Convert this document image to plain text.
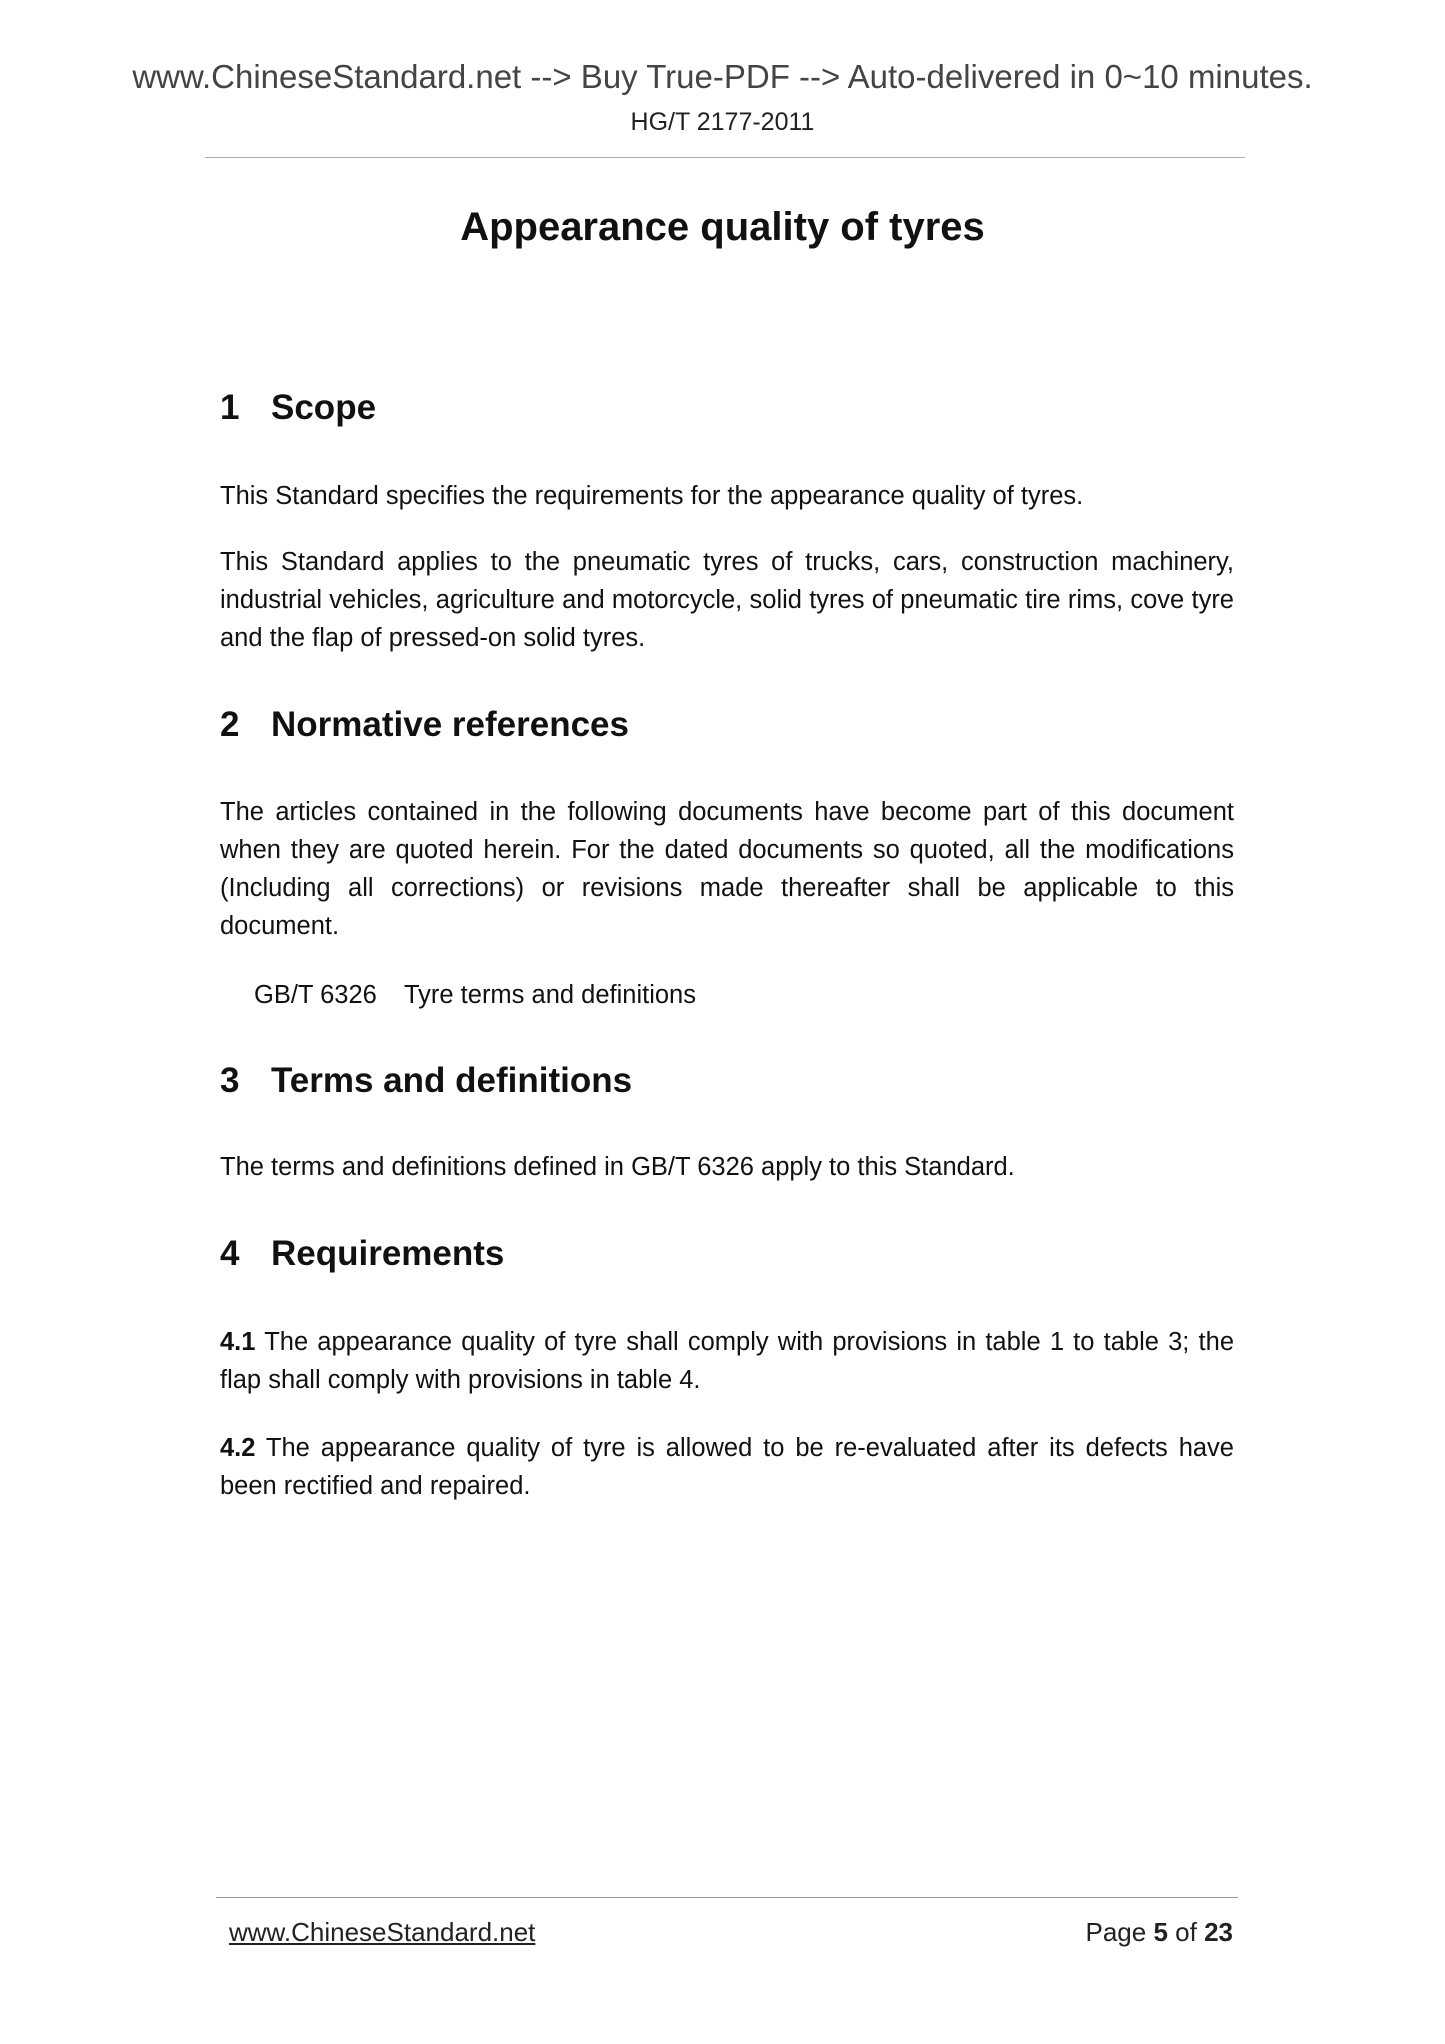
www.ChineseStandard.net --> Buy True-PDF --> Auto-delivered in 0~10 minutes.
HG/T 2177-2011
Appearance quality of tyres
1 Scope

This Standard specifies the requirements for the appearance quality of tyres.

This Standard applies to the pneumatic tyres of trucks, cars, construction machinery, industrial vehicles, agriculture and motorcycle, solid tyres of pneumatic tire rims, cove tyre and the flap of pressed-on solid tyres.

2 Normative references

The articles contained in the following documents have become part of this document when they are quoted herein. For the dated documents so quoted, all the modifications (Including all corrections) or revisions made thereafter shall be applicable to this document.

GB/T 6326 Tyre terms and definitions
3 Terms and definitions

The terms and definitions defined in GB/T 6326 apply to this Standard.

4 Requirements

4.1 The appearance quality of tyre shall comply with provisions in table 1 to table 3; the flap shall comply with provisions in table 4.

4.2 The appearance quality of tyre is allowed to be re-evaluated after its defects have been rectified and repaired.

www.ChineseStandard.net	Page 5 of 23
